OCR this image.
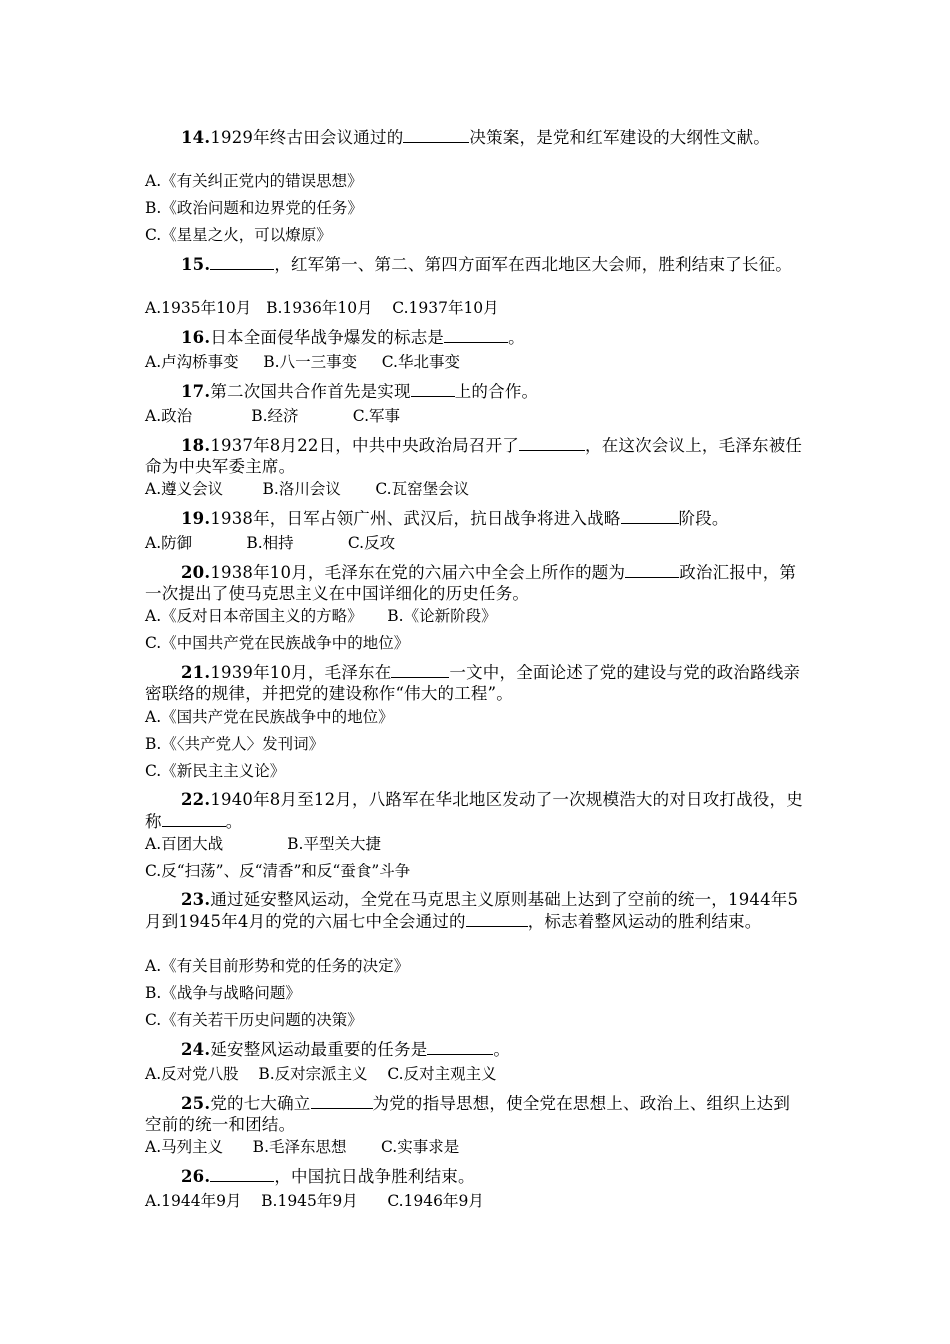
14.1929年终古田会议通过的	决策案，是党和红军建设的大纲性文献。
A.《有关纠正党内的错误思想》
B.《政治问题和边界党的任务》
C.《星星之火，可以燎原》
15.	，红军第一、第二、第四方面军在西北地区大会师，胜利结束了长征。
A.1935年10月   B.1936年10月    C.1937年10月
16.日本全面侵华战争爆发的标志是	。
A.卢沟桥事变     B.八一三事变     C.华北事变
17.第二次国共合作首先是实现	上的合作。
A.政治            B.经济           C.军事
18.1937年8月22日，中共中央政治局召开了	，在这次会议上，毛泽东被任命为中央军委主席。
A.遵义会议        B.洛川会议       C.瓦窑堡会议
19.1938年，日军占领广州、武汉后，抗日战争将进入战略	阶段。
A.防御           B.相持           C.反攻
20.1938年10月，毛泽东在党的六届六中全会上所作的题为	政治汇报中，第一次提出了使马克思主义在中国详细化的历史任务。
A.《反对日本帝国主义的方略》     B.《论新阶段》
C.《中国共产党在民族战争中的地位》
21.1939年10月，毛泽东在	一文中，全面论述了党的建设与党的政治路线亲密联络的规律，并把党的建设称作“伟大的工程”。
A.《国共产党在民族战争中的地位》
B.《〈共产党人〉发刊词》
C.《新民主主义论》
22.1940年8月至12月，八路军在华北地区发动了一次规模浩大的对日攻打战役，史称	。
A.百团大战             B.平型关大捷
C.反“扫荡”、反“清香”和反“蚕食”斗争
23.通过延安整风运动，全党在马克思主义原则基础上达到了空前的统一，1944年5月到1945年4月的党的六届七中全会通过的	，标志着整风运动的胜利结束。
A.《有关目前形势和党的任务的决定》
B.《战争与战略问题》
C.《有关若干历史问题的决策》
24.延安整风运动最重要的任务是	。
A.反对党八股    B.反对宗派主义    C.反对主观主义
25.党的七大确立	为党的指导思想，使全党在思想上、政治上、组织上达到空前的统一和团结。
A.马列主义      B.毛泽东思想       C.实事求是
26.	，中国抗日战争胜利结束。
A.1944年9月    B.1945年9月      C.1946年9月
